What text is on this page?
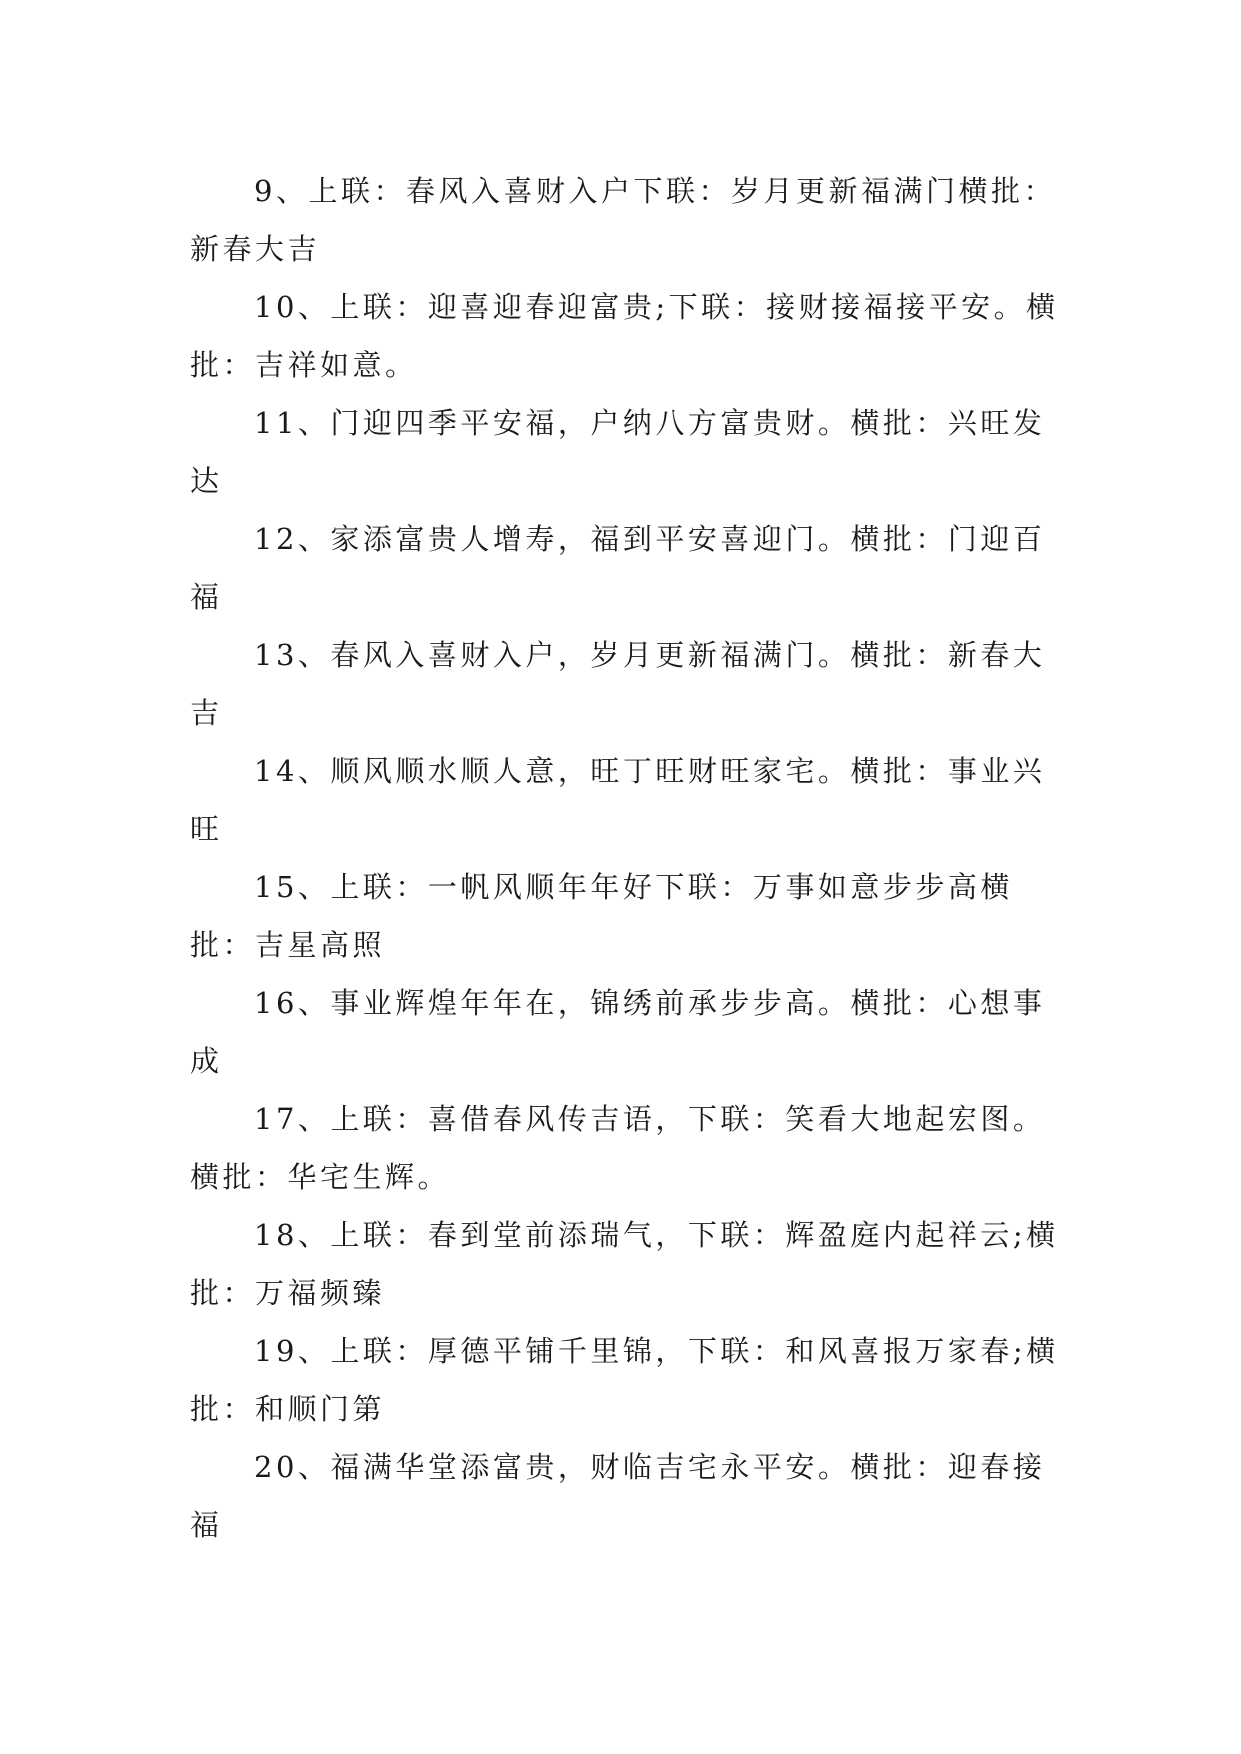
9、上联：春风入喜财入户下联：岁月更新福满门横批：新春大吉

10、上联：迎喜迎春迎富贵;下联：接财接福接平安。横批：吉祥如意。

11、门迎四季平安福，户纳八方富贵财。横批：兴旺发达

12、家添富贵人增寿，福到平安喜迎门。横批：门迎百福

13、春风入喜财入户，岁月更新福满门。横批：新春大吉

14、顺风顺水顺人意，旺丁旺财旺家宅。横批：事业兴旺

15、上联：一帆风顺年年好下联：万事如意步步高横批：吉星高照

16、事业辉煌年年在，锦绣前承步步高。横批：心想事成

17、上联：喜借春风传吉语，下联：笑看大地起宏图。横批：华宅生辉。

18、上联：春到堂前添瑞气，下联：辉盈庭内起祥云;横批：万福频臻

19、上联：厚德平铺千里锦，下联：和风喜报万家春;横批：和顺门第

20、福满华堂添富贵，财临吉宅永平安。横批：迎春接福
